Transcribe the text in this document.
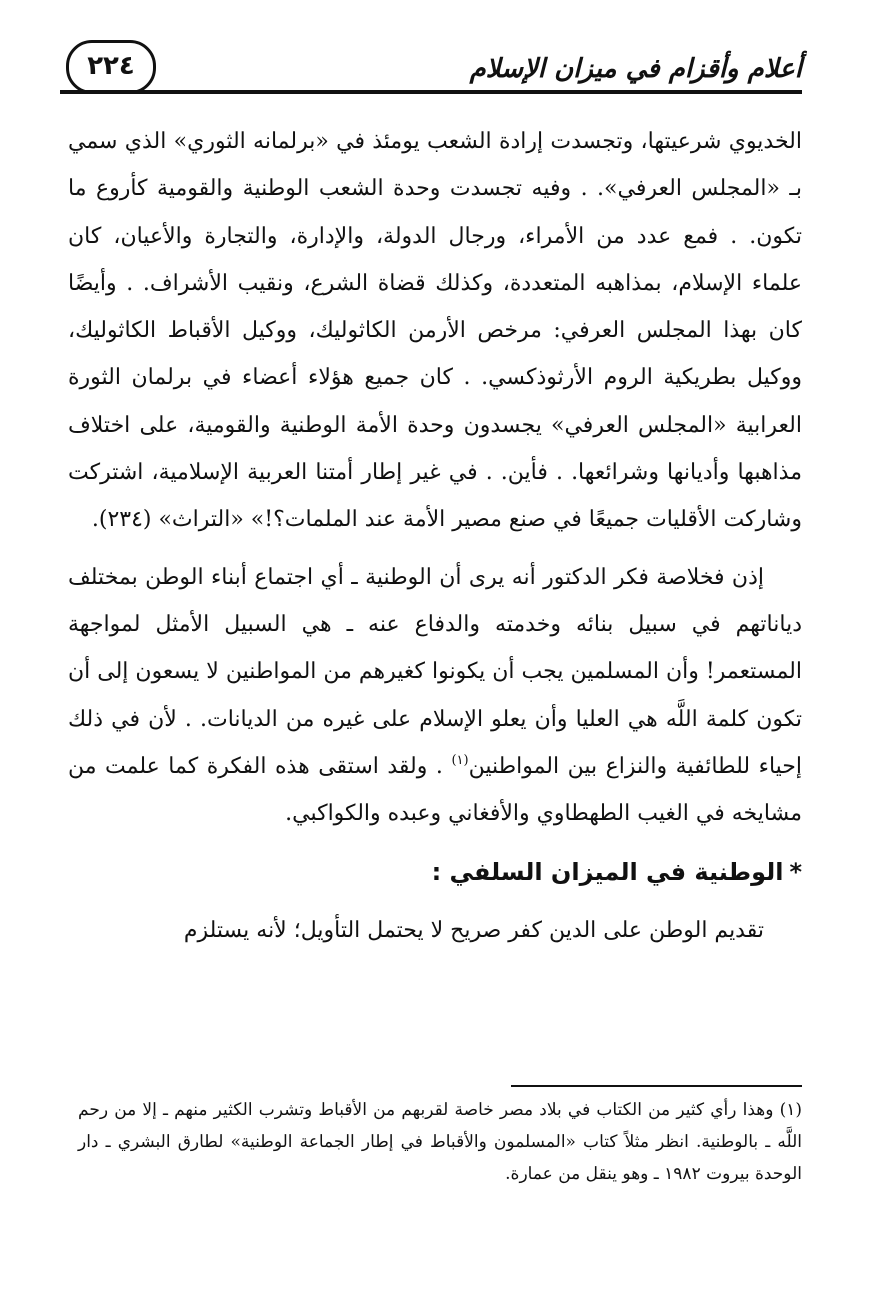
٢٢٤	أعلام وأقزام في ميزان الإسلام

الخديوي شرعيتها، وتجسدت إرادة الشعب يومئذ في «برلمانه الثوري» الذي سمي بـ «المجلس العرفي». . وفيه تجسدت وحدة الشعب الوطنية والقومية كأروع ما تكون. . فمع عدد من الأمراء، ورجال الدولة، والإدارة، والتجارة والأعيان، كان علماء الإسلام، بمذاهبه المتعددة، وكذلك قضاة الشرع، ونقيب الأشراف. . وأيضًا كان بهذا المجلس العرفي: مرخص الأرمن الكاثوليك، ووكيل الأقباط الكاثوليك، ووكيل بطريكية الروم الأرثوذكسي. . كان جميع هؤلاء أعضاء في برلمان الثورة العرابية «المجلس العرفي» يجسدون وحدة الأمة الوطنية والقومية، على اختلاف مذاهبها وأديانها وشرائعها. . فأين. . في غير إطار أمتنا العربية الإسلامية، اشتركت وشاركت الأقليات جميعًا في صنع مصير الأمة عند الملمات؟!» «التراث» (٢٣٤).

إذن فخلاصة فكر الدكتور أنه يرى أن الوطنية ـ أي اجتماع أبناء الوطن بمختلف دياناتهم في سبيل بنائه وخدمته والدفاع عنه ـ هي السبيل الأمثل لمواجهة المستعمر! وأن المسلمين يجب أن يكونوا كغيرهم من المواطنين لا يسعون إلى أن تكون كلمة اللَّه هي العليا وأن يعلو الإسلام على غيره من الديانات. . لأن في ذلك إحياء للطائفية والنزاع بين المواطنين$^{(١)}$ . ولقد استقى هذه الفكرة كما علمت من مشايخه في الغيب الطهطاوي والأفغاني وعبده والكواكبي.

*الوطنية في الميزان السلفي :

تقديم الوطن على الدين كفر صريح لا يحتمل التأويل؛ لأنه يستلزم

(١) وهذا رأي كثير من الكتاب في بلاد مصر خاصة لقربهم من الأقباط وتشرب الكثير منهم ـ إلا من رحم اللَّه ـ بالوطنية. انظر مثلاً كتاب «المسلمون والأقباط في إطار الجماعة الوطنية» لطارق البشري ـ دار الوحدة بيروت ١٩٨٢ ـ وهو ينقل من عمارة.
